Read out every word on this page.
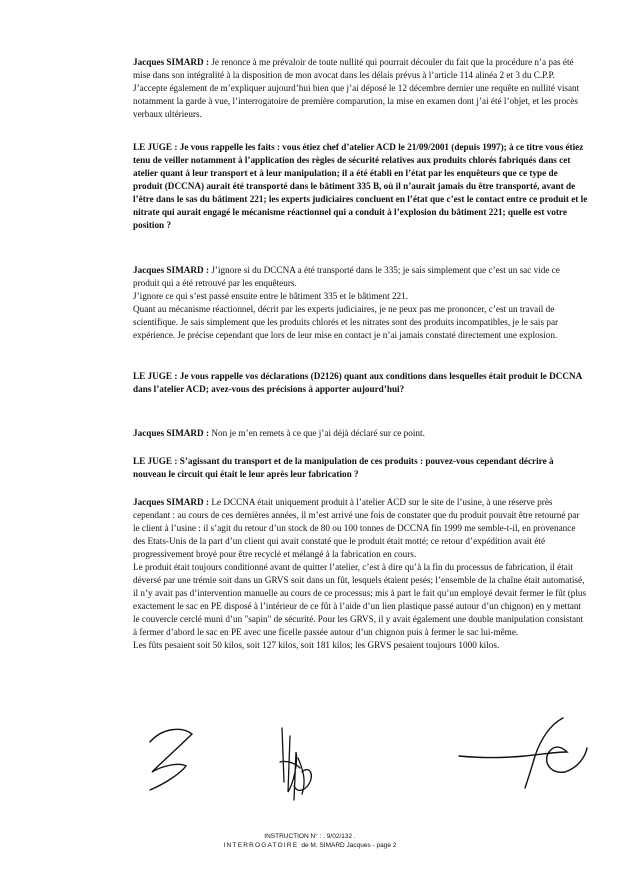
Jacques SIMARD : Je renonce à me prévaloir de toute nullité qui pourrait découler du fait que la procédure n’a pas été mise dans son intégralité à la disposition de mon avocat dans les délais prévus à l’article 114 alinéa 2 et 3 du C.P.P.

J’accepte également de m’expliquer aujourd’hui bien que j’ai déposé le 12 décembre dernier une requête en nullité visant notamment la garde à vue, l’interrogatoire de première comparution, la mise en examen dont j’ai été l’objet, et les procès verbaux ultérieurs.

LE JUGE : Je vous rappelle les faits : vous étiez chef d’atelier ACD le 21/09/2001 (depuis 1997); à ce titre vous étiez tenu de veiller notamment à l’application des règles de sécurité relatives aux produits chlorés fabriqués dans cet atelier quant à leur transport et à leur manipulation; il a été établi en l’état par les enquêteurs que ce type de produit (DCCNA) aurait été transporté dans le bâtiment 335 B, où il n’aurait jamais du être transporté, avant de l’être dans le sas du bâtiment 221; les experts judiciaires concluent en l’état que c’est le contact entre ce produit et le nitrate qui aurait engagé le mécanisme réactionnel qui a conduit à l’explosion du bâtiment 221; quelle est votre position ?

Jacques SIMARD : J’ignore si du DCCNA a été transporté dans le 335; je sais simplement que c’est un sac vide ce produit qui a été retrouvé par les enquêteurs.

J’ignore ce qui s’est passé ensuite entre le bâtiment 335 et le bâtiment 221.

Quant au mécanisme réactionnel, décrit par les experts judiciaires, je ne peux pas me prononcer, c’est un travail de scientifique. Je sais simplement que les produits chlorés et les nitrates sont des produits incompatibles, je le sais par expérience. Je précise cependant que lors de leur mise en contact je n’ai jamais constaté directement une explosion.

LE JUGE : Je vous rappelle vos déclarations (D2126) quant aux conditions dans lesquelles était produit le DCCNA dans l’atelier ACD; avez-vous des précisions à apporter aujourd’hui?

Jacques SIMARD : Non je m’en remets à ce que j’ai déjà déclaré sur ce point.

LE JUGE : S’agissant du transport et de la manipulation de ces produits : pouvez-vous cependant décrire à nouveau le circuit qui était le leur après leur fabrication ?

Jacques SIMARD : Le DCCNA était uniquement produit à l’atelier ACD sur le site de l’usine, à une réserve près cependant : au cours de ces dernières années, il m’est arrivé une fois de constater que du produit pouvait être retourné par le client à l’usine : il s’agit du retour d’un stock de 80 ou 100 tonnes de DCCNA fin 1999 me semble-t-il, en provenance des Etats-Unis de la part d’un client qui avait constaté que le produit était motté; ce retour d’expédition avait été progressivement broyé pour être recyclé et mélangé à la fabrication en cours.

Le produit était toujours conditionné avant de quitter l’atelier, c’est à dire qu’à la fin du processus de fabrication, il était déversé par une trémie soit dans un GRVS soit dans un fût, lesquels étaient pesés; l’ensemble de la chaîne était automatisé, il n’y avait pas d’intervention manuelle au cours de ce processus; mis à part le fait qu’un employé devait fermer le fût (plus exactement le sac en PE disposé à l’intérieur de ce fût à l’aide d’un lien plastique passé autour d’un chignon) en y mettant le couvercle cerclé muni d’un "sapin" de sécurité. Pour les GRVS, il y avait également une double manipulation consistant à fermer d’abord le sac en PE avec une ficelle passée autour d’un chignon puis à fermer le sac lui-même.

Les fûts pesaient soit 50 kilos, soit 127 kilos, soit 181 kilos; les GRVS pesaient toujours 1000 kilos.

INSTRUCTION N° : . 9/02/132 .
INTERROGATOIRE de M. SIMARD Jacques - page 2
